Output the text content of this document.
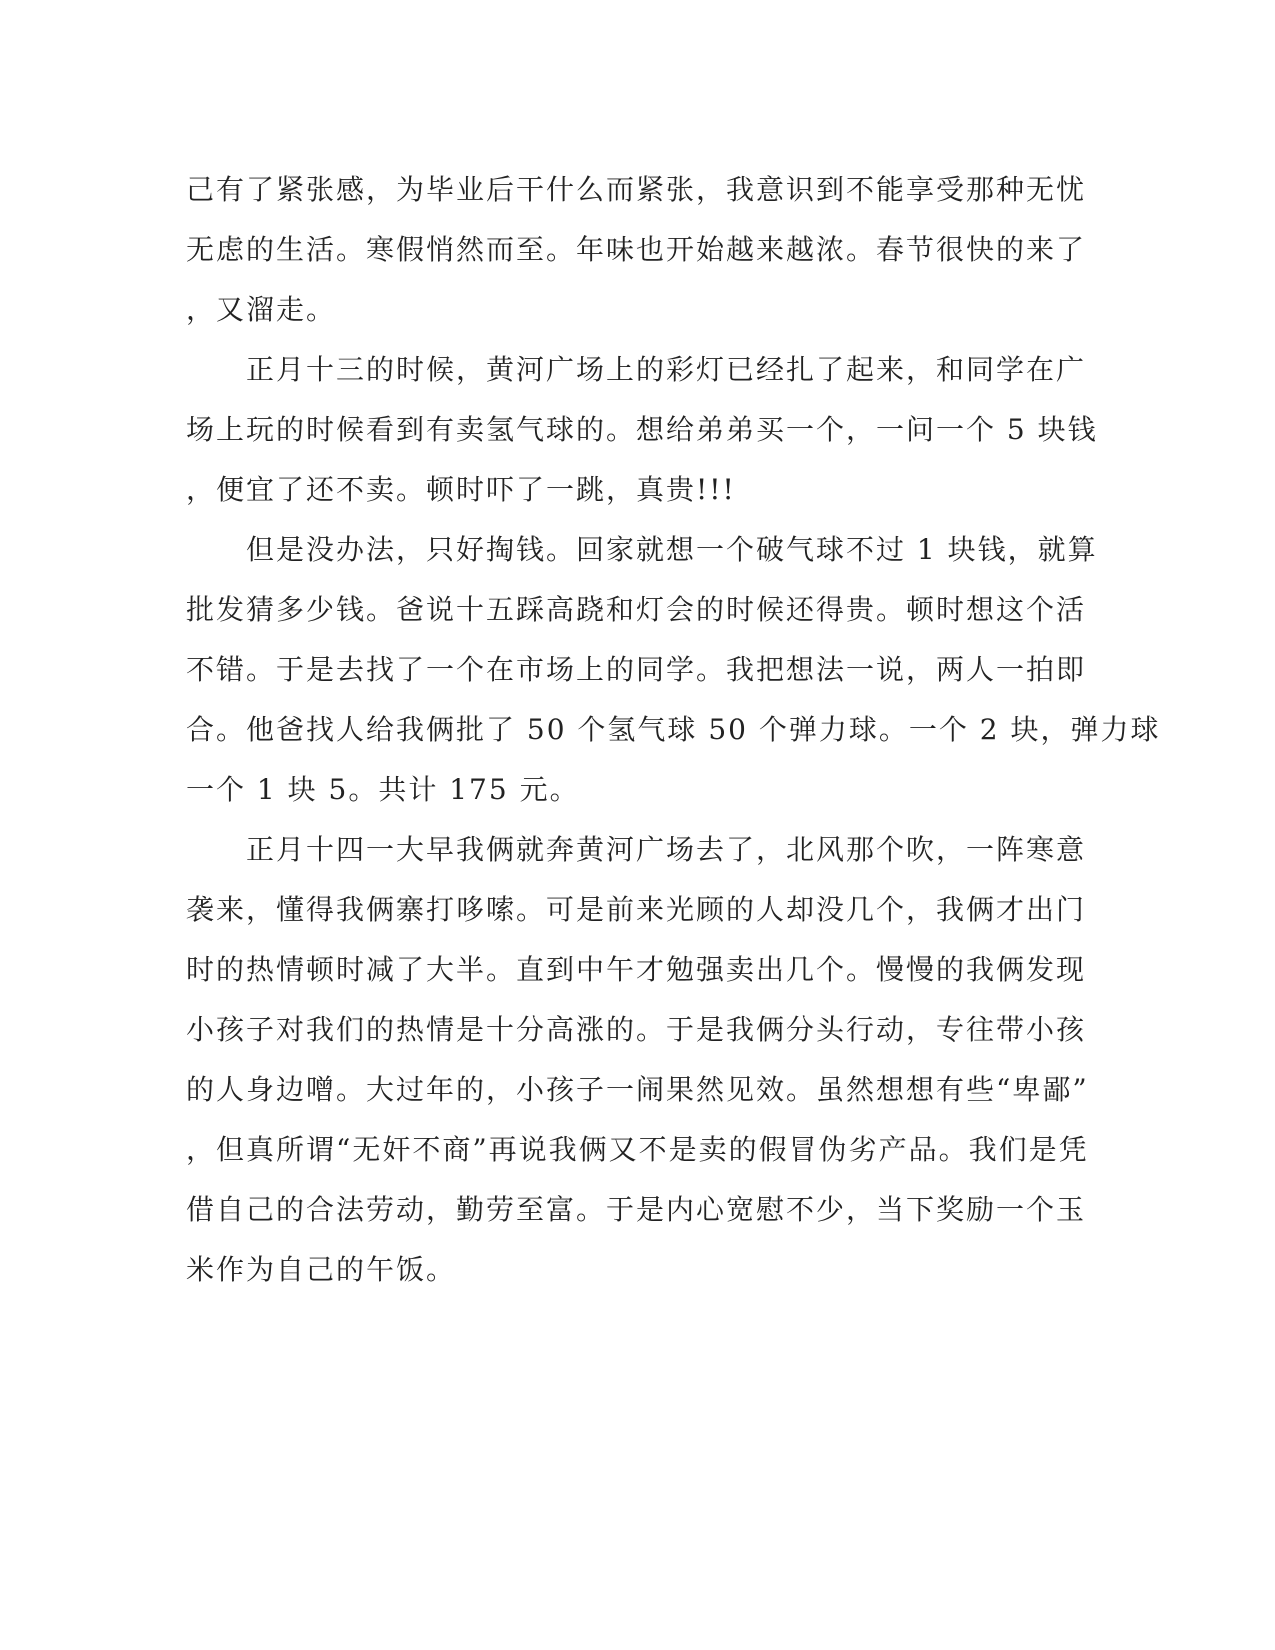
己有了紧张感，为毕业后干什么而紧张，我意识到不能享受那种无忧
无虑的生活。寒假悄然而至。年味也开始越来越浓。春节很快的来了
，又溜走。
　　正月十三的时候，黄河广场上的彩灯已经扎了起来，和同学在广
场上玩的时候看到有卖氢气球的。想给弟弟买一个，一问一个 5 块钱
，便宜了还不卖。顿时吓了一跳，真贵!!!
　　但是没办法，只好掏钱。回家就想一个破气球不过 1 块钱，就算
批发猜多少钱。爸说十五踩高跷和灯会的时候还得贵。顿时想这个活
不错。于是去找了一个在市场上的同学。我把想法一说，两人一拍即
合。他爸找人给我俩批了 50 个氢气球 50 个弹力球。一个 2 块，弹力球
一个 1 块 5。共计 175 元。
　　正月十四一大早我俩就奔黄河广场去了，北风那个吹，一阵寒意
袭来，懂得我俩寨打哆嗦。可是前来光顾的人却没几个，我俩才出门
时的热情顿时减了大半。直到中午才勉强卖出几个。慢慢的我俩发现
小孩子对我们的热情是十分高涨的。于是我俩分头行动，专往带小孩
的人身边噌。大过年的，小孩子一闹果然见效。虽然想想有些“卑鄙”
，但真所谓“无奸不商”再说我俩又不是卖的假冒伪劣产品。我们是凭
借自己的合法劳动，勤劳至富。于是内心宽慰不少，当下奖励一个玉
米作为自己的午饭。
